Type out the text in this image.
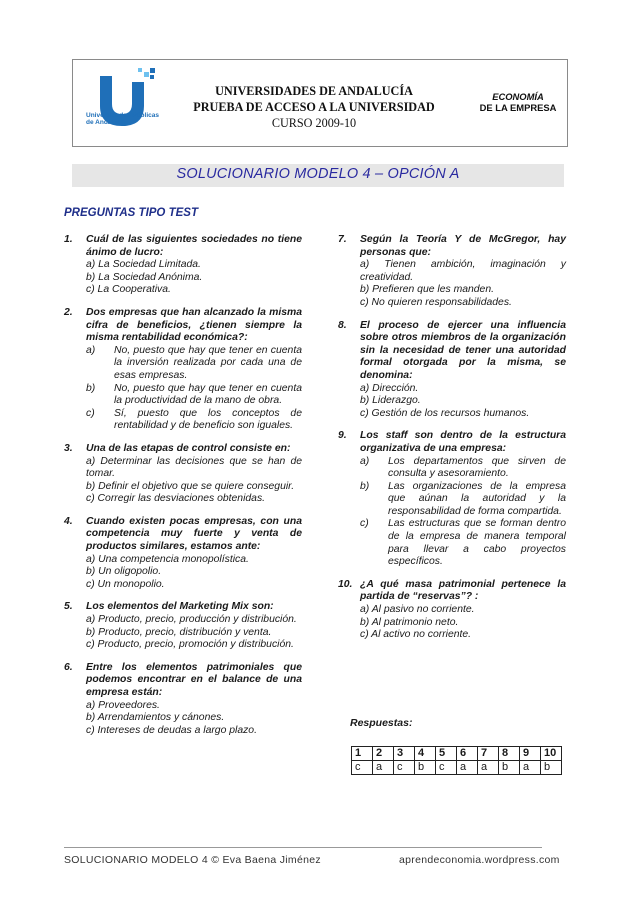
Universidades Públicas
de Andalucía
UNIVERSIDADES DE ANDALUCÍA
PRUEBA DE ACCESO A LA UNIVERSIDAD
CURSO 2009-10
ECONOMÍA
DE LA EMPRESA
SOLUCIONARIO MODELO 4 – OPCIÓN A
PREGUNTAS TIPO TEST
1.	Cuál de las siguientes sociedades no tiene ánimo de lucro:
a) La Sociedad Limitada.
b) La Sociedad Anónima.
c) La Cooperativa.
2.	Dos empresas que han alcanzado la misma cifra de beneficios, ¿tienen siempre la misma rentabilidad económica?:
a)	No, puesto que hay que tener en cuenta la inversión realizada por cada una de esas empresas.
b)	No, puesto que hay que tener en cuenta la productividad de la mano de obra.
c)	Sí, puesto que los conceptos de rentabilidad y de beneficio son iguales.
3.	Una de las etapas de control consiste en:
a) Determinar las decisiones que se han de tomar.
b) Definir el objetivo que se quiere conseguir.
c) Corregir las desviaciones obtenidas.
4.	Cuando existen pocas empresas, con una competencia muy fuerte y venta de productos similares, estamos ante:
a) Una competencia monopolística.
b) Un oligopolio.
c) Un monopolio.
5.	Los elementos del Marketing Mix son:
a) Producto, precio, producción y distribución.
b) Producto, precio, distribución y venta.
c) Producto, precio, promoción y distribución.
6.	Entre los elementos patrimoniales que podemos encontrar en el balance de una empresa están:
a) Proveedores.
b) Arrendamientos y cánones.
c) Intereses de deudas a largo plazo.
7.	Según la Teoría Y de McGregor, hay personas que:
a) Tienen ambición, imaginación y creatividad.
b) Prefieren que les manden.
c) No quieren responsabilidades.
8.	El proceso de ejercer una influencia sobre otros miembros de la organización sin la necesidad de tener una autoridad formal otorgada por la misma, se denomina:
a) Dirección.
b) Liderazgo.
c) Gestión de los recursos humanos.
9.	Los staff son dentro de la estructura organizativa de una empresa:
a)	Los departamentos que sirven de consulta y asesoramiento.
b)	Las organizaciones de la empresa que aúnan la autoridad y la responsabilidad de forma compartida.
c)	Las estructuras que se forman dentro de la empresa de manera temporal para llevar a cabo proyectos específicos.
10. ¿A qué masa patrimonial pertenece la partida de “reservas”? :
a) Al pasivo no corriente.
b) Al patrimonio neto.
c) Al activo no corriente.
Respuestas:
1	2	3	4	5	6	7	8	9	10
c	a	c	b	c	a	a	b	a	b
SOLUCIONARIO MODELO 4 © Eva Baena Jiménez	aprendeconomia.wordpress.com
